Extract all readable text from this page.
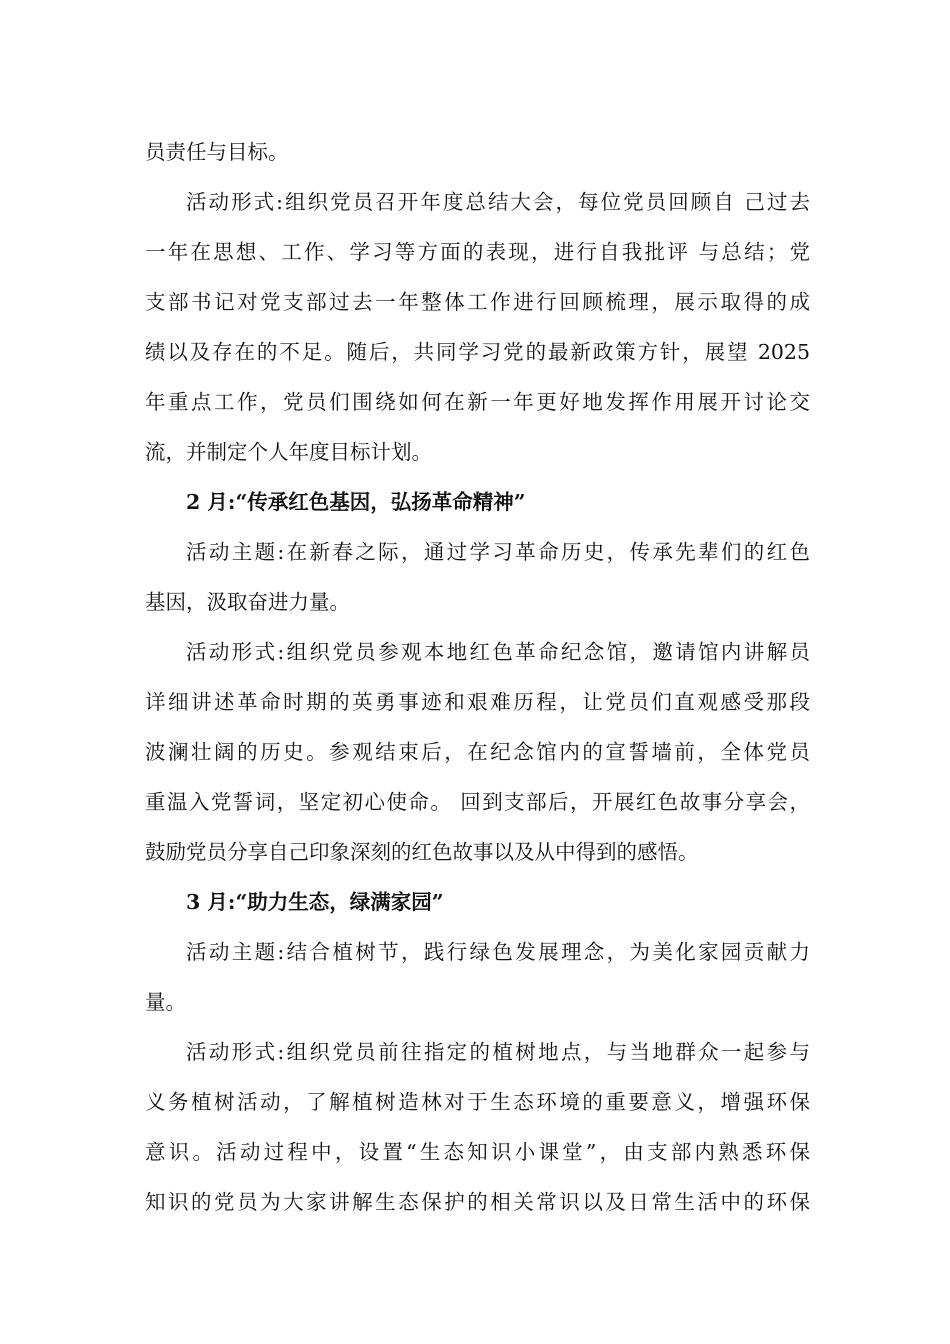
员责任与目标。
活动形式:组织党员召开年度总结大会，每位党员回顾自 己过去
一年在思想、工作、学习等方面的表现，进行自我批评 与总结；党
支部书记对党支部过去一年整体工作进行回顾梳理，展示取得的成
绩以及存在的不足。随后，共同学习党的最新政策方针，展望 2025
年重点工作，党员们围绕如何在新一年更好地发挥作用展开讨论交
流，并制定个人年度目标计划。
2 月:“传承红色基因，弘扬革命精神”
活动主题:在新春之际，通过学习革命历史，传承先辈们的红色
基因，汲取奋进力量。
活动形式:组织党员参观本地红色革命纪念馆，邀请馆内讲解员
详细讲述革命时期的英勇事迹和艰难历程，让党员们直观感受那段
波澜壮阔的历史。参观结束后，在纪念馆内的宣誓墙前，全体党员
重温入党誓词，坚定初心使命。 回到支部后，开展红色故事分享会，
鼓励党员分享自己印象深刻的红色故事以及从中得到的感悟。
3 月:“助力生态，绿满家园”
活动主题:结合植树节，践行绿色发展理念，为美化家园贡献力
量。
活动形式:组织党员前往指定的植树地点，与当地群众一起参与
义务植树活动，了解植树造林对于生态环境的重要意义，增强环保
意识。活动过程中，设置“生态知识小课堂”，由支部内熟悉环保
知识的党员为大家讲解生态保护的相关常识以及日常生活中的环保
